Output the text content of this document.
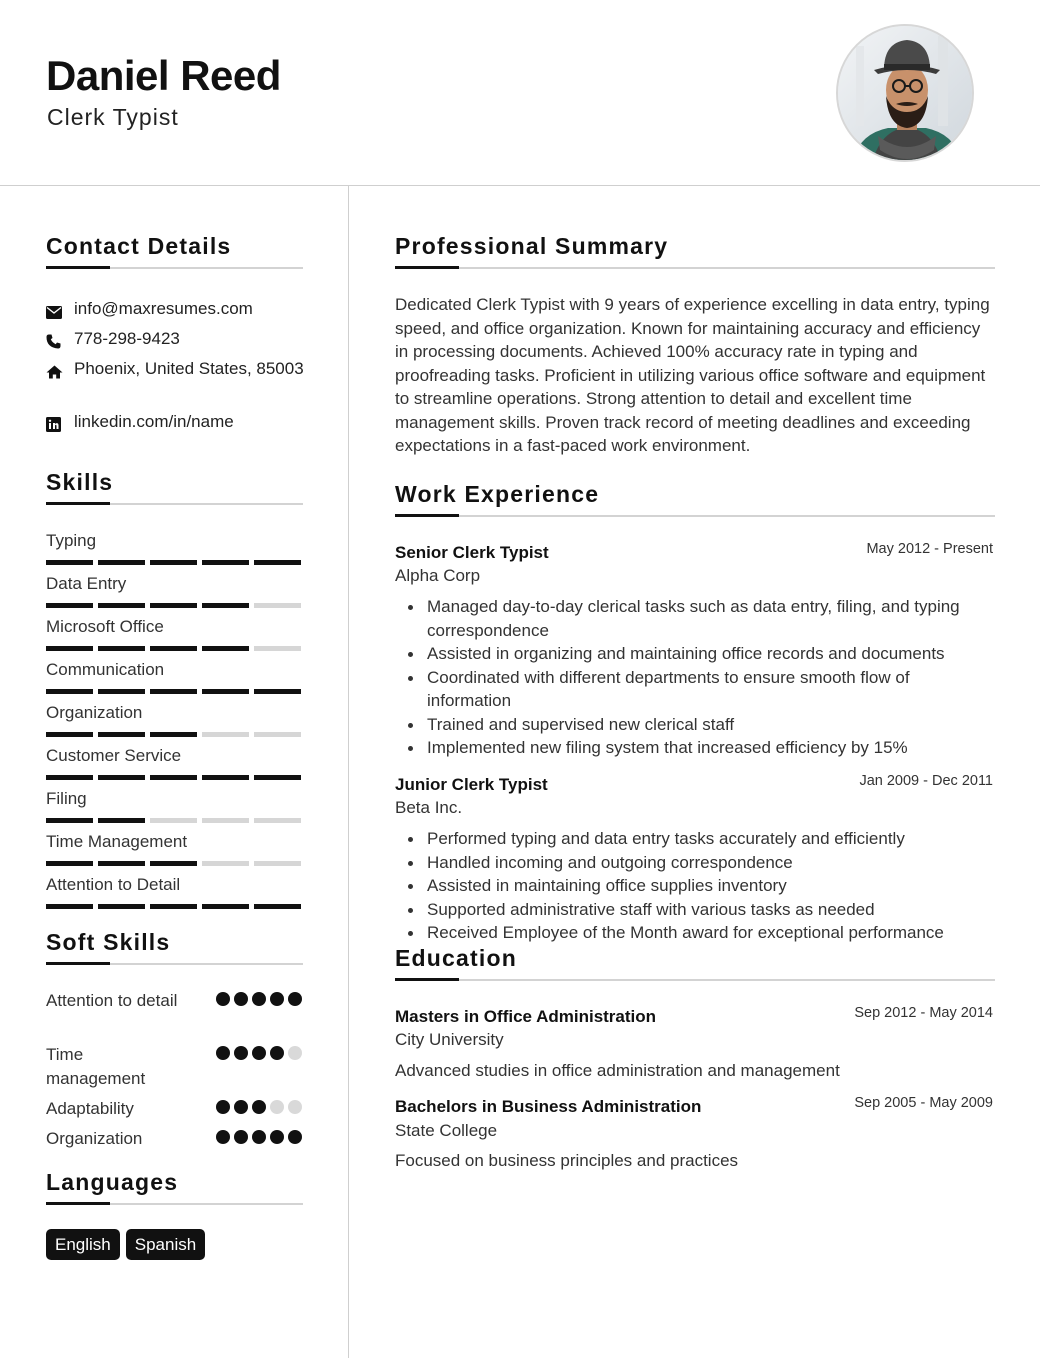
Daniel Reed
Clerk Typist
Contact Details
info@maxresumes.com
778-298-9423
Phoenix, United States, 85003
linkedin.com/in/name
Skills
Typing
Data Entry
Microsoft Office
Communication
Organization
Customer Service
Filing
Time Management
Attention to Detail
Soft Skills
Attention to detail
Time management
Adaptability
Organization
Languages
English	Spanish
Professional Summary
Dedicated Clerk Typist with 9 years of experience excelling in data entry, typing speed, and office organization. Known for maintaining accuracy and efficiency in processing documents. Achieved 100% accuracy rate in typing and proofreading tasks. Proficient in utilizing various office software and equipment to streamline operations. Strong attention to detail and excellent time management skills. Proven track record of meeting deadlines and exceeding expectations in a fast-paced work environment.
Work Experience
Senior Clerk Typist	May 2012 - Present
Alpha Corp
Managed day-to-day clerical tasks such as data entry, filing, and typing correspondence
Assisted in organizing and maintaining office records and documents
Coordinated with different departments to ensure smooth flow of information
Trained and supervised new clerical staff
Implemented new filing system that increased efficiency by 15%
Junior Clerk Typist	Jan 2009 - Dec 2011
Beta Inc.
Performed typing and data entry tasks accurately and efficiently
Handled incoming and outgoing correspondence
Assisted in maintaining office supplies inventory
Supported administrative staff with various tasks as needed
Received Employee of the Month award for exceptional performance
Education
Masters in Office Administration	Sep 2012 - May 2014
City University
Advanced studies in office administration and management
Bachelors in Business Administration	Sep 2005 - May 2009
State College
Focused on business principles and practices
